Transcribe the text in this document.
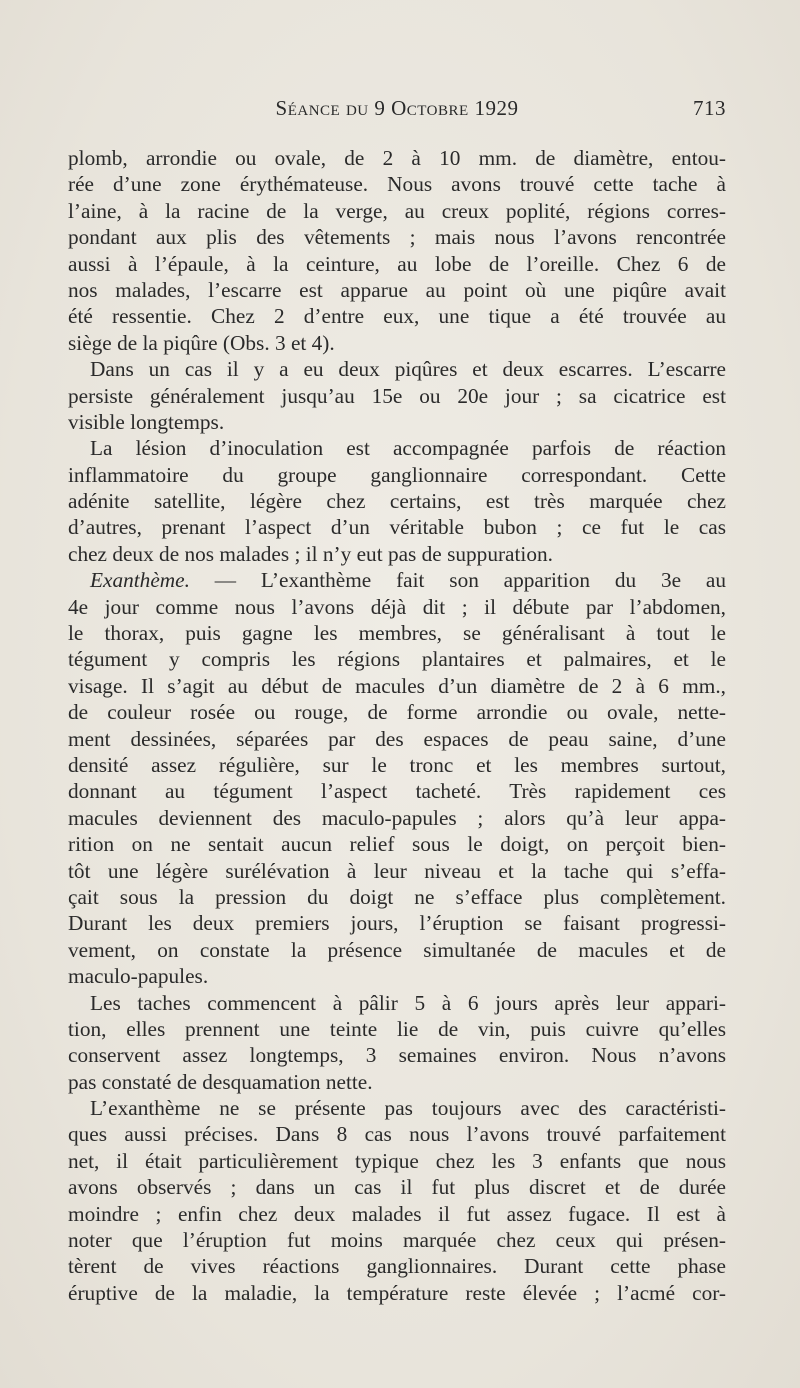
Séance du 9 Octobre 1929	713
plomb, arrondie ou ovale, de 2 à 10 mm. de diamètre, entou-
rée d’une zone érythémateuse. Nous avons trouvé cette tache à
l’aine, à la racine de la verge, au creux poplité, régions corres-
pondant aux plis des vêtements ; mais nous l’avons rencontrée
aussi à l’épaule, à la ceinture, au lobe de l’oreille. Chez 6 de
nos malades, l’escarre est apparue au point où une piqûre avait
été ressentie. Chez 2 d’entre eux, une tique a été trouvée au
siège de la piqûre (Obs. 3 et 4).
Dans un cas il y a eu deux piqûres et deux escarres. L’escarre
persiste généralement jusqu’au 15e ou 20e jour ; sa cicatrice est
visible longtemps.
La lésion d’inoculation est accompagnée parfois de réaction
inflammatoire du groupe ganglionnaire correspondant. Cette
adénite satellite, légère chez certains, est très marquée chez
d’autres, prenant l’aspect d’un véritable bubon ; ce fut le cas
chez deux de nos malades ; il n’y eut pas de suppuration.
Exanthème. — L’exanthème fait son apparition du 3e au
4e jour comme nous l’avons déjà dit ; il débute par l’abdomen,
le thorax, puis gagne les membres, se généralisant à tout le
tégument y compris les régions plantaires et palmaires, et le
visage. Il s’agit au début de macules d’un diamètre de 2 à 6 mm.,
de couleur rosée ou rouge, de forme arrondie ou ovale, nette-
ment dessinées, séparées par des espaces de peau saine, d’une
densité assez régulière, sur le tronc et les membres surtout,
donnant au tégument l’aspect tacheté. Très rapidement ces
macules deviennent des maculo-papules ; alors qu’à leur appa-
rition on ne sentait aucun relief sous le doigt, on perçoit bien-
tôt une légère surélévation à leur niveau et la tache qui s’effa-
çait sous la pression du doigt ne s’efface plus complètement.
Durant les deux premiers jours, l’éruption se faisant progressi-
vement, on constate la présence simultanée de macules et de
maculo-papules.
Les taches commencent à pâlir 5 à 6 jours après leur appari-
tion, elles prennent une teinte lie de vin, puis cuivre qu’elles
conservent assez longtemps, 3 semaines environ. Nous n’avons
pas constaté de desquamation nette.
L’exanthème ne se présente pas toujours avec des caractéristi-
ques aussi précises. Dans 8 cas nous l’avons trouvé parfaitement
net, il était particulièrement typique chez les 3 enfants que nous
avons observés ; dans un cas il fut plus discret et de durée
moindre ; enfin chez deux malades il fut assez fugace. Il est à
noter que l’éruption fut moins marquée chez ceux qui présen-
tèrent de vives réactions ganglionnaires. Durant cette phase
éruptive de la maladie, la température reste élevée ; l’acmé cor-
